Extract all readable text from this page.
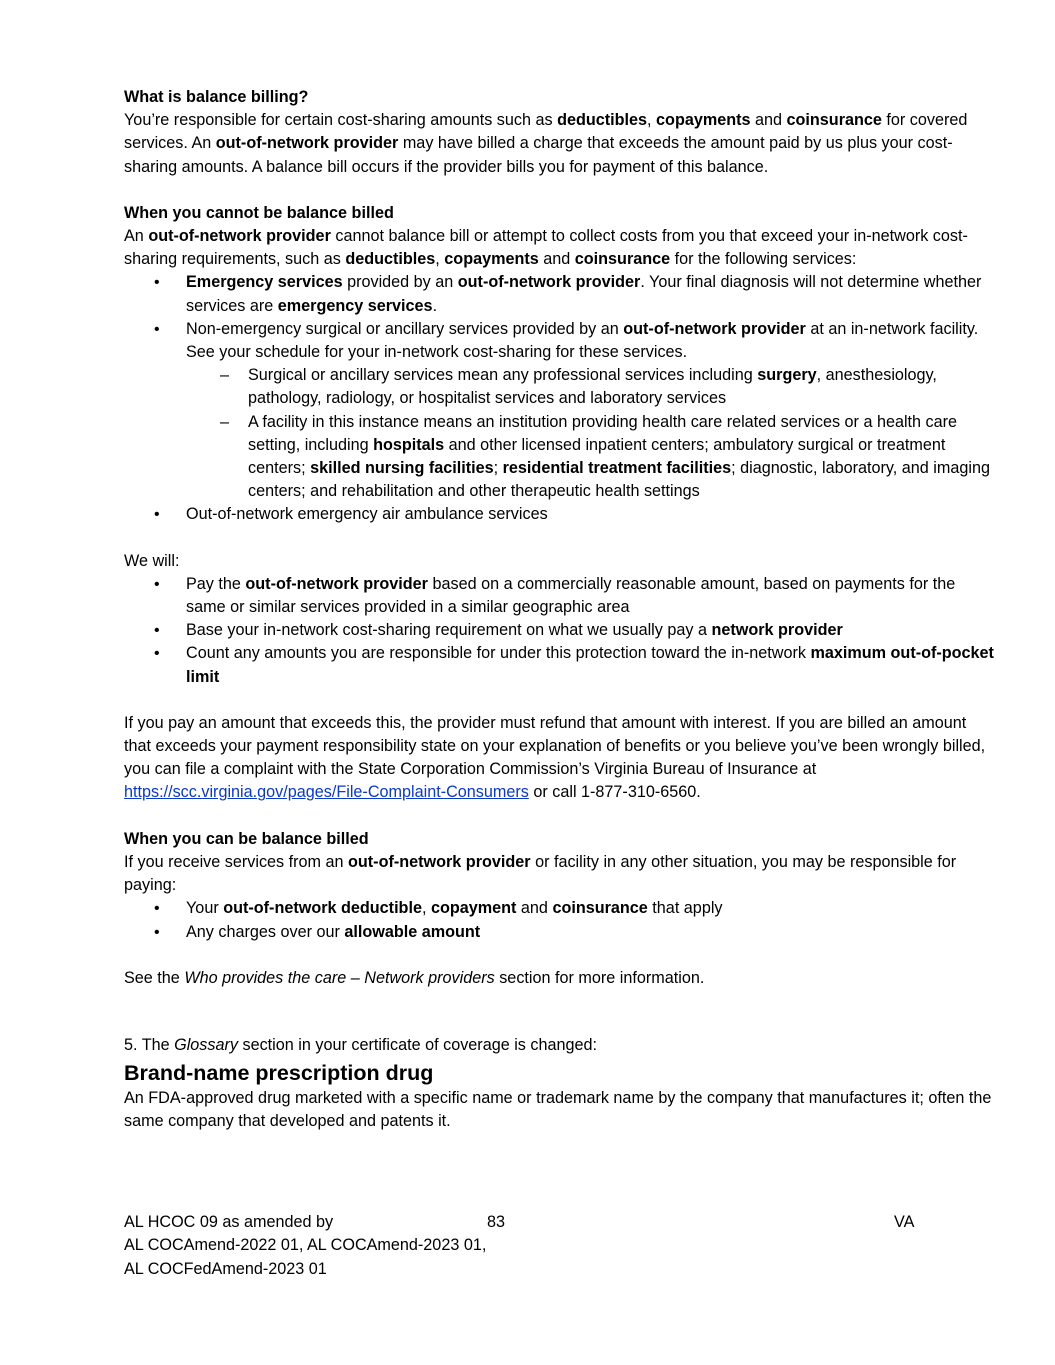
What is balance billing?

You’re responsible for certain cost-sharing amounts such as deductibles, copayments and coinsurance for covered services. An out-of-network provider may have billed a charge that exceeds the amount paid by us plus your cost-sharing amounts. A balance bill occurs if the provider bills you for payment of this balance.

When you cannot be balance billed

An out-of-network provider cannot balance bill or attempt to collect costs from you that exceed your in-network cost-sharing requirements, such as deductibles, copayments and coinsurance for the following services:

• Emergency services provided by an out-of-network provider. Your final diagnosis will not determine whether services are emergency services.
• Non-emergency surgical or ancillary services provided by an out-of-network provider at an in-network facility. See your schedule for your in-network cost-sharing for these services.
– Surgical or ancillary services mean any professional services including surgery, anesthesiology, pathology, radiology, or hospitalist services and laboratory services
– A facility in this instance means an institution providing health care related services or a health care setting, including hospitals and other licensed inpatient centers; ambulatory surgical or treatment centers; skilled nursing facilities; residential treatment facilities; diagnostic, laboratory, and imaging centers; and rehabilitation and other therapeutic health settings
• Out-of-network emergency air ambulance services

We will:

• Pay the out-of-network provider based on a commercially reasonable amount, based on payments for the same or similar services provided in a similar geographic area
• Base your in-network cost-sharing requirement on what we usually pay a network provider
• Count any amounts you are responsible for under this protection toward the in-network maximum out-of-pocket limit

If you pay an amount that exceeds this, the provider must refund that amount with interest. If you are billed an amount that exceeds your payment responsibility state on your explanation of benefits or you believe you’ve been wrongly billed, you can file a complaint with the State Corporation Commission’s Virginia Bureau of Insurance at https://scc.virginia.gov/pages/File-Complaint-Consumers or call 1-877-310-6560.

When you can be balance billed

If you receive services from an out-of-network provider or facility in any other situation, you may be responsible for paying:

• Your out-of-network deductible, copayment and coinsurance that apply
• Any charges over our allowable amount

See the Who provides the care – Network providers section for more information.

5. The Glossary section in your certificate of coverage is changed:

Brand-name prescription drug

An FDA-approved drug marketed with a specific name or trademark name by the company that manufactures it; often the same company that developed and patents it.

AL HCOC 09 as amended by	83	VA
AL COCAmend-2022 01, AL COCAmend-2023 01,
AL COCFedAmend-2023 01
